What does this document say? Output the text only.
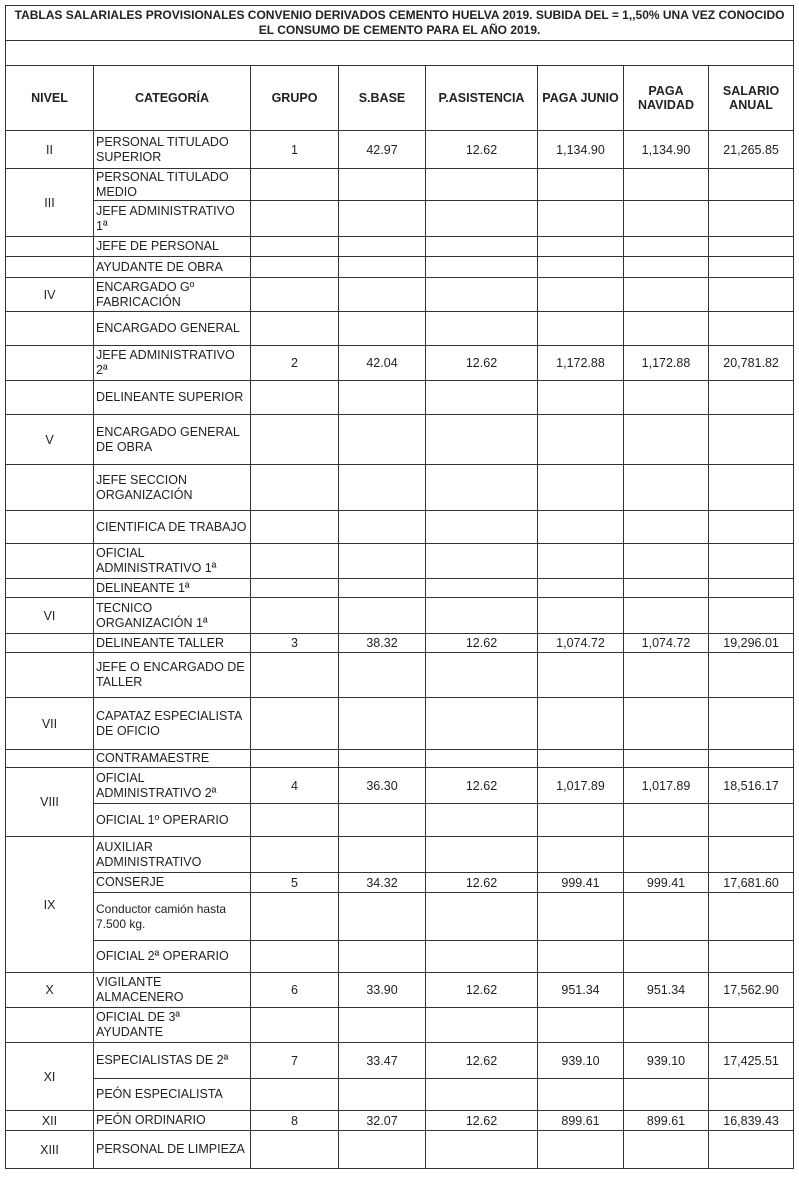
TABLAS SALARIALES PROVISIONALES CONVENIO DERIVADOS CEMENTO HUELVA 2019. SUBIDA DEL = 1,,50% UNA VEZ CONOCIDO EL CONSUMO DE CEMENTO PARA EL AÑO 2019.							

NIVEL	CATEGORÍA	GRUPO	S.BASE	P.ASISTENCIA	PAGA JUNIO	PAGA NAVIDAD	SALARIO ANUAL
II	PERSONAL TITULADO SUPERIOR	1	42.97	12.62	1,134.90	1,134.90	21,265.85
III	PERSONAL TITULADO MEDIO						
	JEFE ADMINISTRATIVO 1ª						
	JEFE DE PERSONAL						
	AYUDANTE DE OBRA						
IV	ENCARGADO Gº FABRICACIÓN						
	ENCARGADO GENERAL						
	JEFE ADMINISTRATIVO 2ª	2	42.04	12.62	1,172.88	1,172.88	20,781.82
	DELINEANTE SUPERIOR						
V	ENCARGADO GENERAL DE OBRA						
	JEFE SECCION ORGANIZACIÓN						
	CIENTIFICA DE TRABAJO						
	OFICIAL ADMINISTRATIVO 1ª						
	DELINEANTE 1ª						
VI	TECNICO ORGANIZACIÓN 1ª						
	DELINEANTE TALLER	3	38.32	12.62	1,074.72	1,074.72	19,296.01
	JEFE O ENCARGADO DE TALLER						
VII	CAPATAZ ESPECIALISTA DE OFICIO						
	CONTRAMAESTRE						
VIII	OFICIAL ADMINISTRATIVO 2ª	4	36.30	12.62	1,017.89	1,017.89	18,516.17
	OFICIAL 1º OPERARIO						
IX	AUXILIAR ADMINISTRATIVO						
	CONSERJE	5	34.32	12.62	999.41	999.41	17,681.60
	Conductor camión hasta 7.500 kg.						
	OFICIAL 2ª OPERARIO						
X	VIGILANTE ALMACENERO	6	33.90	12.62	951.34	951.34	17,562.90
	OFICIAL DE 3ª AYUDANTE						
XI	ESPECIALISTAS DE 2ª	7	33.47	12.62	939.10	939.10	17,425.51
	PEÓN ESPECIALISTA						
XII	PEÓN ORDINARIO	8	32.07	12.62	899.61	899.61	16,839.43
XIII	PERSONAL DE LIMPIEZA						
